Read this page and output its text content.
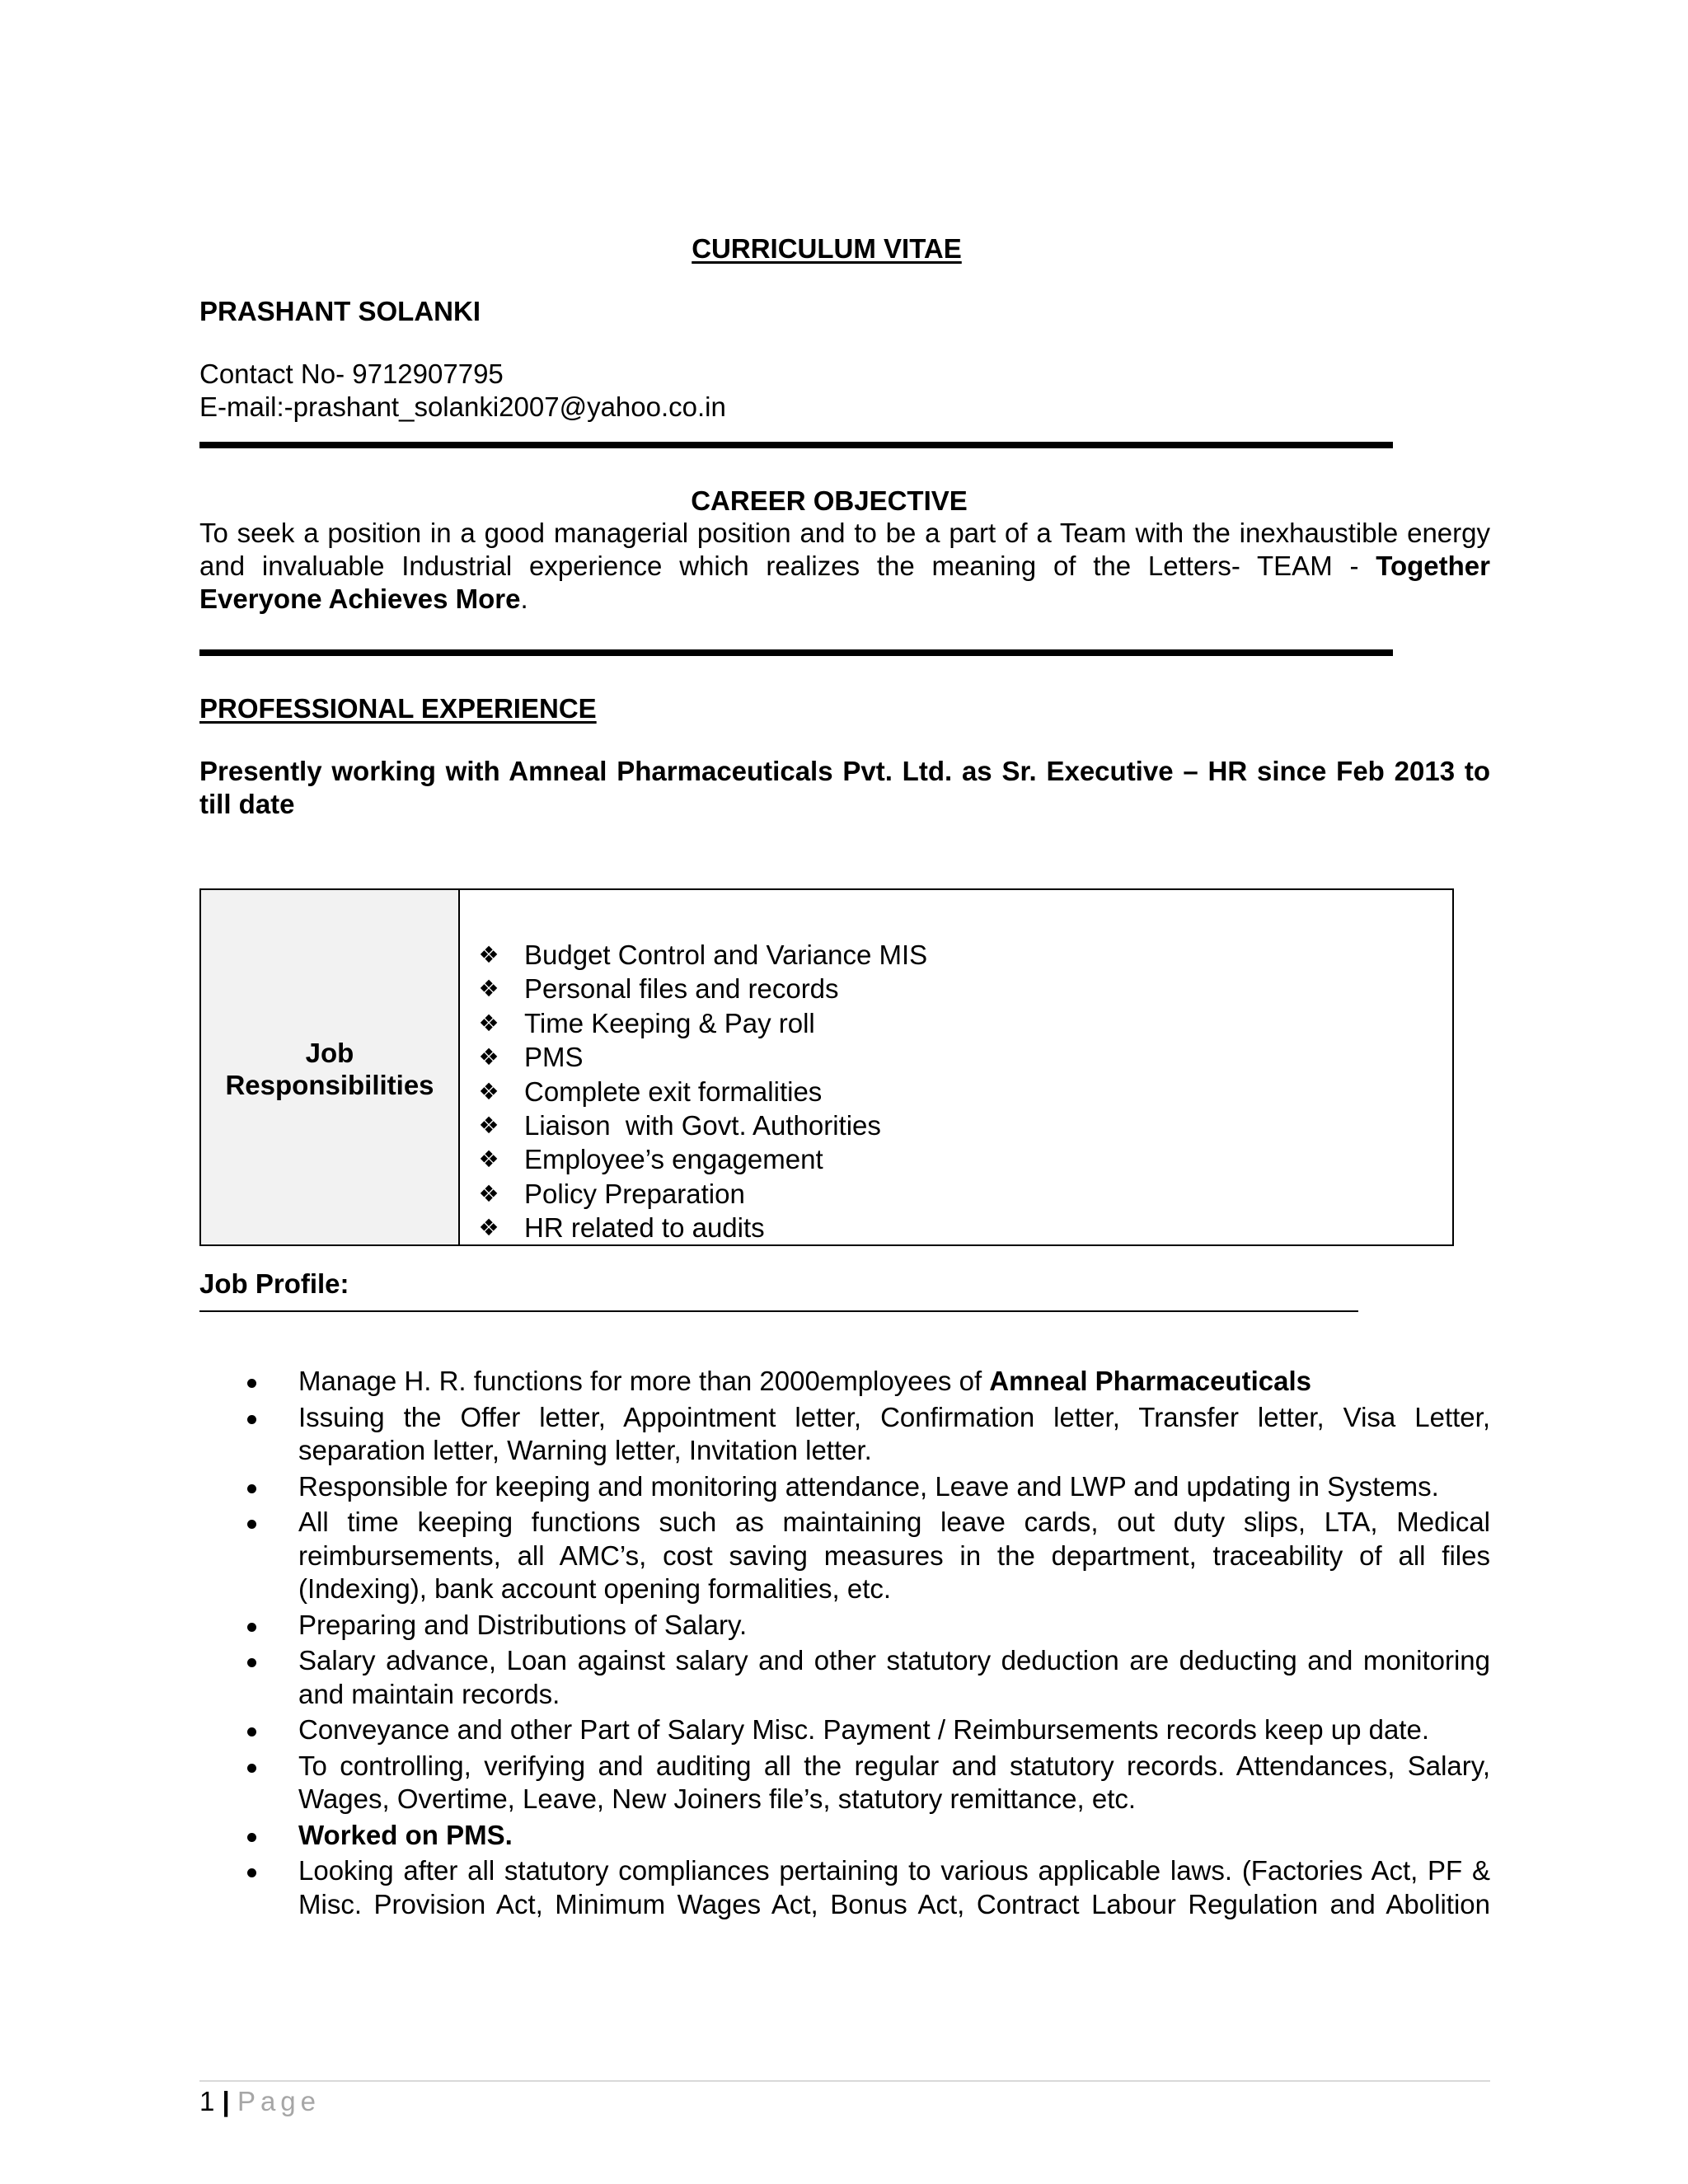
CURRICULUM VITAE
PRASHANT SOLANKI
Contact No- 9712907795
E-mail:-prashant_solanki2007@yahoo.co.in
CAREER OBJECTIVE
To seek a position in a good managerial position and to be a part of a Team with the inexhaustible energy and invaluable Industrial experience which realizes the meaning of the Letters- TEAM - Together Everyone Achieves More.
PROFESSIONAL EXPERIENCE
Presently working with Amneal Pharmaceuticals Pvt. Ltd. as Sr. Executive – HR since Feb 2013 to till date
Job
Responsibilities
❖ Budget Control and Variance MIS
❖ Personal files and records
❖ Time Keeping & Pay roll
❖ PMS
❖ Complete exit formalities
❖ Liaison  with Govt. Authorities
❖ Employee’s engagement
❖ Policy Preparation
❖ HR related to audits
Job Profile:
Manage H. R. functions for more than 2000employees of Amneal Pharmaceuticals
Issuing the Offer letter, Appointment letter, Confirmation letter, Transfer letter, Visa Letter, separation letter, Warning letter, Invitation letter.
Responsible for keeping and monitoring attendance, Leave and LWP and updating in Systems.
All time keeping functions such as maintaining leave cards, out duty slips, LTA, Medical reimbursements, all AMC’s, cost saving measures in the department, traceability of all files (Indexing), bank account opening formalities, etc.
Preparing and Distributions of Salary.
Salary advance, Loan against salary and other statutory deduction are deducting and monitoring and maintain records.
Conveyance and other Part of Salary Misc. Payment / Reimbursements records keep up date.
To controlling, verifying and auditing all the regular and statutory records. Attendances, Salary, Wages, Overtime, Leave, New Joiners file’s, statutory remittance, etc.
Worked on PMS.
Looking after all statutory compliances pertaining to various applicable laws. (Factories Act, PF & Misc. Provision Act, Minimum Wages Act, Bonus Act, Contract Labour Regulation and Abolition
1 | Page
